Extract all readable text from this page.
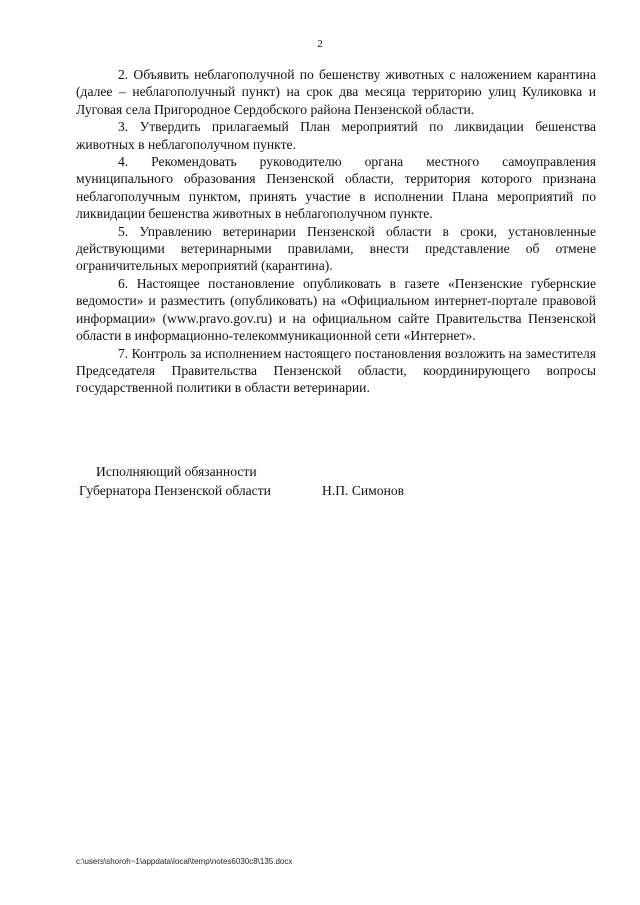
2

2. Объявить неблагополучной по бешенству животных с наложением карантина (далее – неблагополучный пункт) на срок два месяца территорию улиц Куликовка и Луговая села Пригородное Сердобского района Пензенской области.

3. Утвердить прилагаемый План мероприятий по ликвидации бешенства животных в неблагополучном пункте.

4. Рекомендовать руководителю органа местного самоуправления муниципального образования Пензенской области, территория которого признана неблагополучным пунктом, принять участие в исполнении Плана мероприятий по ликвидации бешенства животных в неблагополучном пункте.

5. Управлению ветеринарии Пензенской области в сроки, установленные действующими ветеринарными правилами, внести представление об отмене ограничительных мероприятий (карантина).

6. Настоящее постановление опубликовать в газете «Пензенские губернские ведомости» и разместить (опубликовать) на «Официальном интернет-портале правовой информации» (www.pravo.gov.ru) и на официальном сайте Правительства Пензенской области в информационно-телекоммуникационной сети «Интернет».

7. Контроль за исполнением настоящего постановления возложить на заместителя Председателя Правительства Пензенской области, координирующего вопросы государственной политики в области ветеринарии.

Исполняющий обязанности
Губернатора Пензенской области	Н.П. Симонов
c:\users\shoroh~1\appdata\local\temp\notes6030c8\135.docx
